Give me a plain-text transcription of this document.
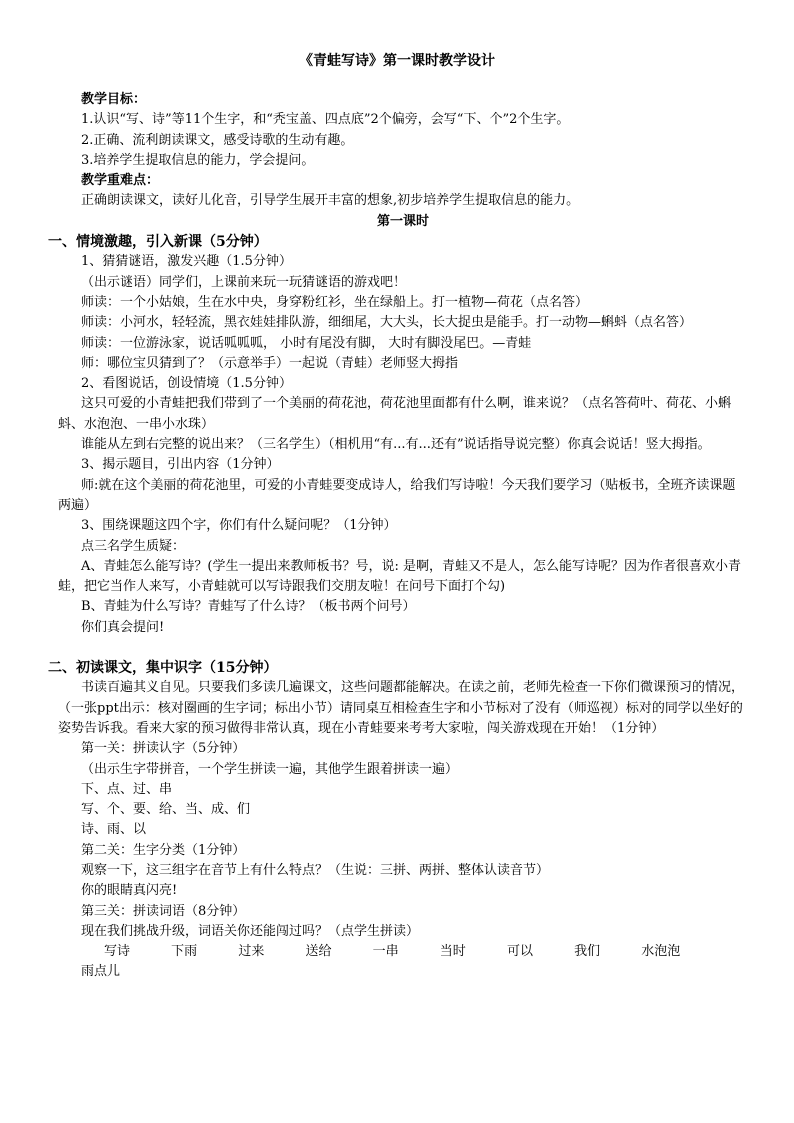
《青蛙写诗》第一课时教学设计

教学目标：

1.认识“写、诗”等11个生字，和“秃宝盖、四点底”2个偏旁，会写“下、个”2个生字。

2.正确、流利朗读课文，感受诗歌的生动有趣。

3.培养学生提取信息的能力，学会提问。

教学重难点：

正确朗读课文，读好儿化音，引导学生展开丰富的想象,初步培养学生提取信息的能力。

第一课时

一、情境激趣，引入新课（5分钟）

1、猜猜谜语，激发兴趣（1.5分钟）

（出示谜语）同学们，上课前来玩一玩猜谜语的游戏吧！

师读：一个小姑娘，生在水中央，身穿粉红衫，坐在绿船上。打一植物—荷花（点名答）

师读：小河水，轻轻流，黑衣娃娃排队游，细细尾，大大头，长大捉虫是能手。打一动物—蝌蚪（点名答）

师读：一位游泳家，说话呱呱呱， 小时有尾没有脚， 大时有脚没尾巴。—青蛙

师：哪位宝贝猜到了？（示意举手）一起说（青蛙）老师竖大拇指

2、看图说话，创设情境（1.5分钟）

这只可爱的小青蛙把我们带到了一个美丽的荷花池，荷花池里面都有什么啊，谁来说？（点名答荷叶、荷花、小蝌蚪、水泡泡、一串小水珠）

谁能从左到右完整的说出来？（三名学生）（相机用“有...有...还有”说话指导说完整）你真会说话！竖大拇指。

3、揭示题目，引出内容（1分钟）

师:就在这个美丽的荷花池里，可爱的小青蛙要变成诗人，给我们写诗啦！今天我们要学习（贴板书，全班齐读课题两遍）

3、围绕课题这四个字，你们有什么疑问呢？（1分钟）

点三名学生质疑：

A、青蛙怎么能写诗？(学生一提出来教师板书？号，说: 是啊，青蛙又不是人，怎么能写诗呢？因为作者很喜欢小青蛙，把它当作人来写，小青蛙就可以写诗跟我们交朋友啦！在问号下面打个勾)

B、青蛙为什么写诗？青蛙写了什么诗？（板书两个问号）

你们真会提问!

二、初读课文，集中识字（15分钟）

书读百遍其义自见。只要我们多读几遍课文，这些问题都能解决。在读之前，老师先检查一下你们微课预习的情况，（一张ppt出示：核对圈画的生字词；标出小节）请同桌互相检查生字和小节标对了没有（师巡视）标对的同学以坐好的姿势告诉我。看来大家的预习做得非常认真，现在小青蛙要来考考大家啦，闯关游戏现在开始！（1分钟）

第一关：拼读认字（5分钟）

（出示生字带拼音，一个学生拼读一遍，其他学生跟着拼读一遍）

下、点、过、串

写、个、要、给、当、成、们

诗、雨、以

第二关：生字分类（1分钟）

观察一下，这三组字在音节上有什么特点？（生说：三拼、两拼、整体认读音节）

你的眼睛真闪亮!

第三关：拼读词语（8分钟）

现在我们挑战升级，词语关你还能闯过吗？（点学生拼读）

写诗	下雨	过来	送给	一串	当时	可以	我们	水泡泡 雨点儿
